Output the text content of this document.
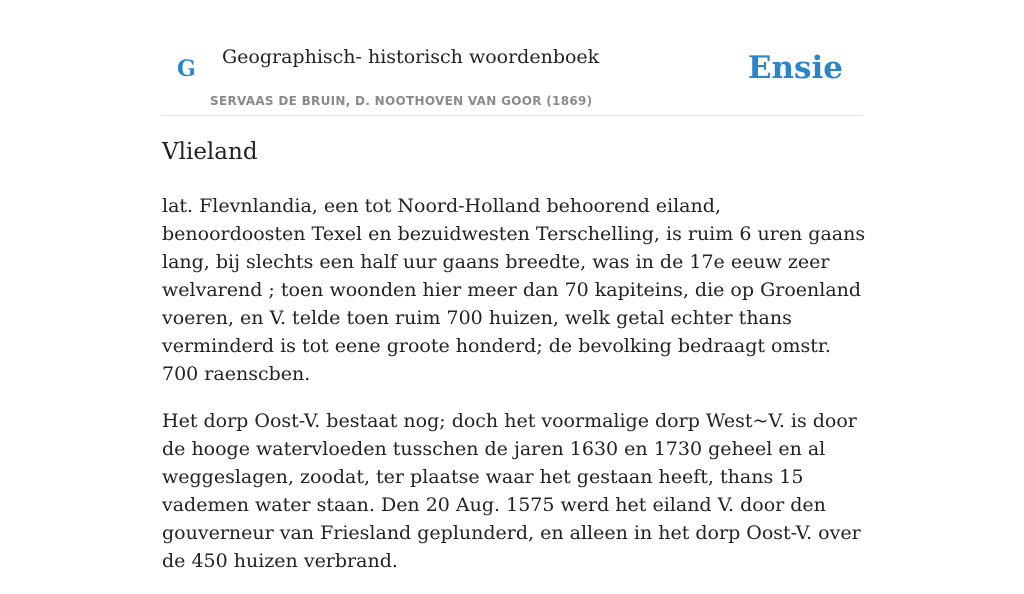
G Geographisch- historisch woordenboek
SERVAAS DE BRUIN, D. NOOTHOVEN VAN GOOR (1869)
Ensie
Vlieland

lat. Flevnlandia, een tot Noord-Holland behoorend eiland, benoordoosten Texel en bezuidwesten Terschelling, is ruim 6 uren gaans lang, bij slechts een half uur gaans breedte, was in de 17e eeuw zeer welvarend ; toen woonden hier meer dan 70 kapiteins, die op Groenland voeren, en V. telde toen ruim 700 huizen, welk getal echter thans verminderd is tot eene groote honderd; de bevolking bedraagt omstr. 700 raenscben.

Het dorp Oost-V. bestaat nog; doch het voormalige dorp West~V. is door de hooge watervloeden tusschen de jaren 1630 en 1730 geheel en al weggeslagen, zoodat, ter plaatse waar het gestaan heeft, thans 15 vademen water staan. Den 20 Aug. 1575 werd het eiland V. door den gouverneur van Friesland geplunderd, en alleen in het dorp Oost-V. over de 450 huizen verbrand.
